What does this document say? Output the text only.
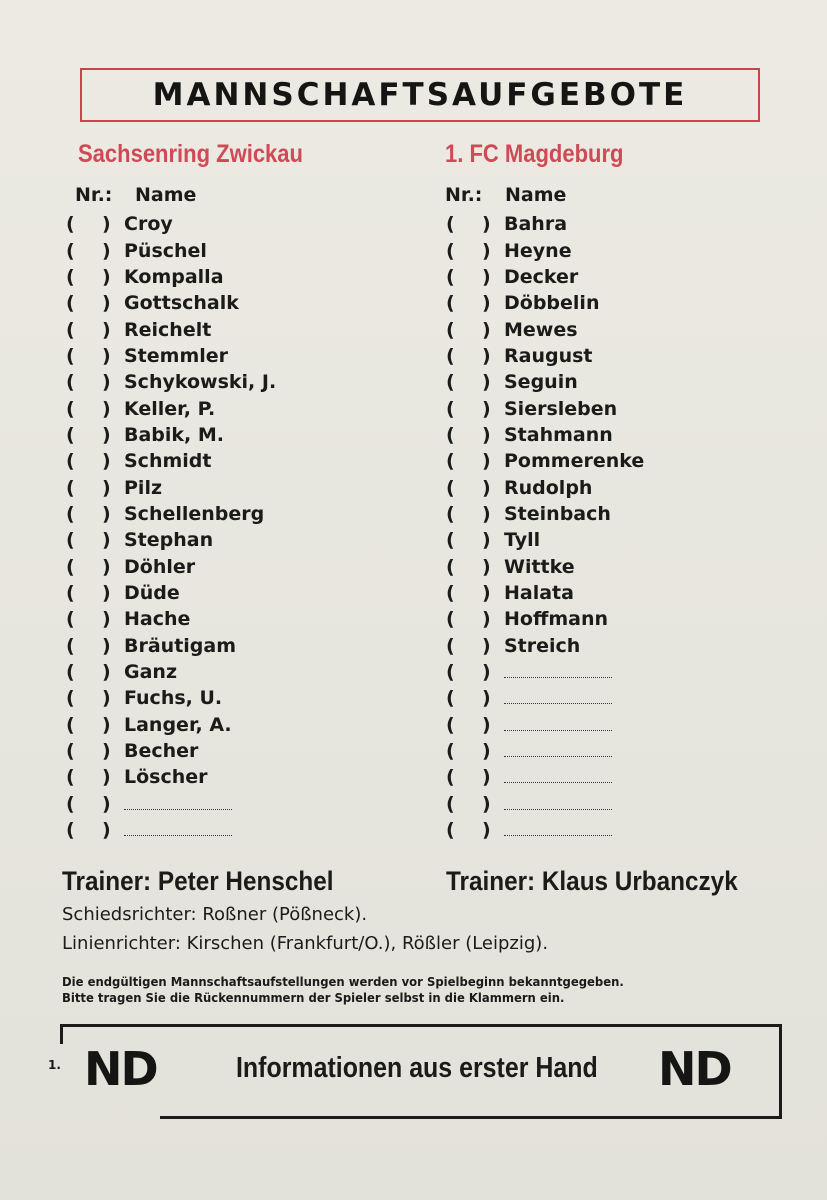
MANNSCHAFTSAUFGEBOTE
Sachsenring Zwickau
Nr.: Name
( ) Croy
( ) Püschel
( ) Kompalla
( ) Gottschalk
( ) Reichelt
( ) Stemmler
( ) Schykowski, J.
( ) Keller, P.
( ) Babik, M.
( ) Schmidt
( ) Pilz
( ) Schellenberg
( ) Stephan
( ) Döhler
( ) Düde
( ) Hache
( ) Bräutigam
( ) Ganz
( ) Fuchs, U.
( ) Langer, A.
( ) Becher
( ) Löscher
( )
( )
Trainer: Peter Henschel
1. FC Magdeburg
Nr.: Name
( ) Bahra
( ) Heyne
( ) Decker
( ) Döbbelin
( ) Mewes
( ) Raugust
( ) Seguin
( ) Siersleben
( ) Stahmann
( ) Pommerenke
( ) Rudolph
( ) Steinbach
( ) Tyll
( ) Wittke
( ) Halata
( ) Hoffmann
( ) Streich
( )
( )
( )
( )
( )
( )
( )
Trainer: Klaus Urbanczyk
Schiedsrichter: Roßner (Pößneck).
Linienrichter: Kirschen (Frankfurt/O.), Rößler (Leipzig).
Die endgültigen Mannschaftsaufstellungen werden vor Spielbeginn bekanntgegeben.
Bitte tragen Sie die Rückennummern der Spieler selbst in die Klammern ein.
1. ND	Informationen aus erster Hand ND
